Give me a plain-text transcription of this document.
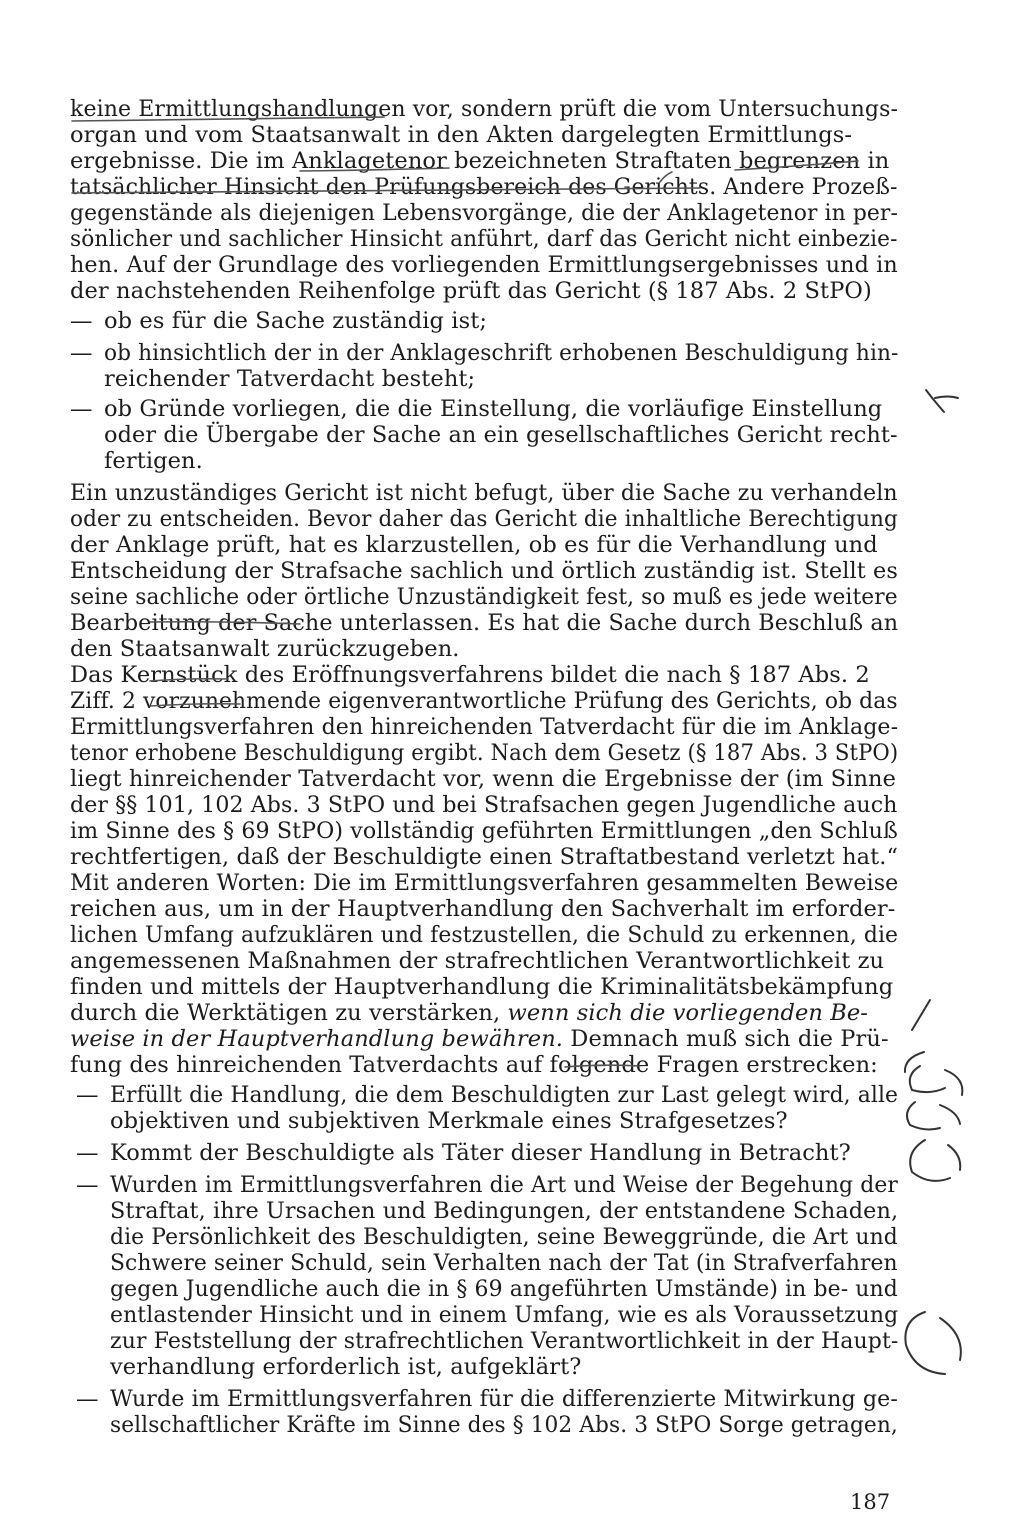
keine Ermittlungshandlungen vor, sondern prüft die vom Untersuchungs-
organ und vom Staatsanwalt in den Akten dargelegten Ermittlungs-
ergebnisse. Die im Anklagetenor bezeichneten Straftaten begrenzen in
tatsächlicher Hinsicht den Prüfungsbereich des Gerichts. Andere Prozeß-
gegenstände als diejenigen Lebensvorgänge, die der Anklagetenor in per-
sönlicher und sachlicher Hinsicht anführt, darf das Gericht nicht einbezie-
hen. Auf der Grundlage des vorliegenden Ermittlungsergebnisses und in
der nachstehenden Reihenfolge prüft das Gericht (§ 187 Abs. 2 StPO)
— ob es für die Sache zuständig ist;
— ob hinsichtlich der in der Anklageschrift erhobenen Beschuldigung hin-
reichender Tatverdacht besteht;
— ob Gründe vorliegen, die die Einstellung, die vorläufige Einstellung
oder die Übergabe der Sache an ein gesellschaftliches Gericht recht-
fertigen.
Ein unzuständiges Gericht ist nicht befugt, über die Sache zu verhandeln
oder zu entscheiden. Bevor daher das Gericht die inhaltliche Berechtigung
der Anklage prüft, hat es klarzustellen, ob es für die Verhandlung und
Entscheidung der Strafsache sachlich und örtlich zuständig ist. Stellt es
seine sachliche oder örtliche Unzuständigkeit fest, so muß es jede weitere
Bearbeitung der Sache unterlassen. Es hat die Sache durch Beschluß an
den Staatsanwalt zurückzugeben.
Das Kernstück des Eröffnungsverfahrens bildet die nach § 187 Abs. 2
Ziff. 2 vorzunehmende eigenverantwortliche Prüfung des Gerichts, ob das
Ermittlungsverfahren den hinreichenden Tatverdacht für die im Anklage-
tenor erhobene Beschuldigung ergibt. Nach dem Gesetz (§ 187 Abs. 3 StPO)
liegt hinreichender Tatverdacht vor, wenn die Ergebnisse der (im Sinne
der §§ 101, 102 Abs. 3 StPO und bei Strafsachen gegen Jugendliche auch
im Sinne des § 69 StPO) vollständig geführten Ermittlungen „den Schluß
rechtfertigen, daß der Beschuldigte einen Straftatbestand verletzt hat.“
Mit anderen Worten: Die im Ermittlungsverfahren gesammelten Beweise
reichen aus, um in der Hauptverhandlung den Sachverhalt im erforder-
lichen Umfang aufzuklären und festzustellen, die Schuld zu erkennen, die
angemessenen Maßnahmen der strafrechtlichen Verantwortlichkeit zu
finden und mittels der Hauptverhandlung die Kriminalitätsbekämpfung
durch die Werktätigen zu verstärken, wenn sich die vorliegenden Be-
weise in der Hauptverhandlung bewähren. Demnach muß sich die Prü-
fung des hinreichenden Tatverdachts auf folgende Fragen erstrecken:
— Erfüllt die Handlung, die dem Beschuldigten zur Last gelegt wird, alle
objektiven und subjektiven Merkmale eines Strafgesetzes?
— Kommt der Beschuldigte als Täter dieser Handlung in Betracht?
— Wurden im Ermittlungsverfahren die Art und Weise der Begehung der
Straftat, ihre Ursachen und Bedingungen, der entstandene Schaden,
die Persönlichkeit des Beschuldigten, seine Beweggründe, die Art und
Schwere seiner Schuld, sein Verhalten nach der Tat (in Strafverfahren
gegen Jugendliche auch die in § 69 angeführten Umstände) in be- und
entlastender Hinsicht und in einem Umfang, wie es als Voraussetzung
zur Feststellung der strafrechtlichen Verantwortlichkeit in der Haupt-
verhandlung erforderlich ist, aufgeklärt?
— Wurde im Ermittlungsverfahren für die differenzierte Mitwirkung ge-
sellschaftlicher Kräfte im Sinne des § 102 Abs. 3 StPO Sorge getragen,
187
